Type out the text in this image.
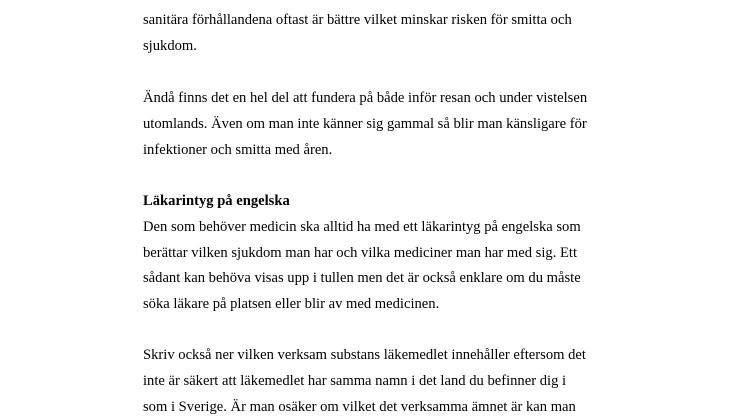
sanitära förhållandena oftast är bättre vilket minskar risken för smitta och
sjukdom.
Ändå finns det en hel del att fundera på både inför resan och under vistelsen
utomlands. Även om man inte känner sig gammal så blir man känsligare för
infektioner och smitta med åren.
Läkarintyg på engelska
Den som behöver medicin ska alltid ha med ett läkarintyg på engelska som
berättar vilken sjukdom man har och vilka mediciner man har med sig. Ett
sådant kan behöva visas upp i tullen men det är också enklare om du måste
söka läkare på platsen eller blir av med medicinen.
Skriv också ner vilken verksam substans läkemedlet innehåller eftersom det
inte är säkert att läkemedlet har samma namn i det land du befinner dig i
som i Sverige. Är man osäker om vilket det verksamma ämnet är kan man
